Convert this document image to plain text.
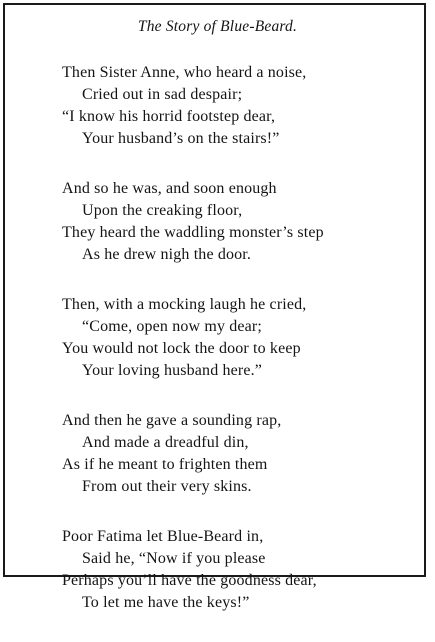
The Story of Blue-Beard.
Then Sister Anne, who heard a noise,
Cried out in sad despair;
“I know his horrid footstep dear,
Your husband’s on the stairs!”
And so he was, and soon enough
Upon the creaking floor,
They heard the waddling monster’s step
As he drew nigh the door.
Then, with a mocking laugh he cried,
“Come, open now my dear;
You would not lock the door to keep
Your loving husband here.”
And then he gave a sounding rap,
And made a dreadful din,
As if he meant to frighten them
From out their very skins.
Poor Fatima let Blue-Beard in,
Said he, “Now if you please
Perhaps you’ll have the goodness dear,
To let me have the keys!”
